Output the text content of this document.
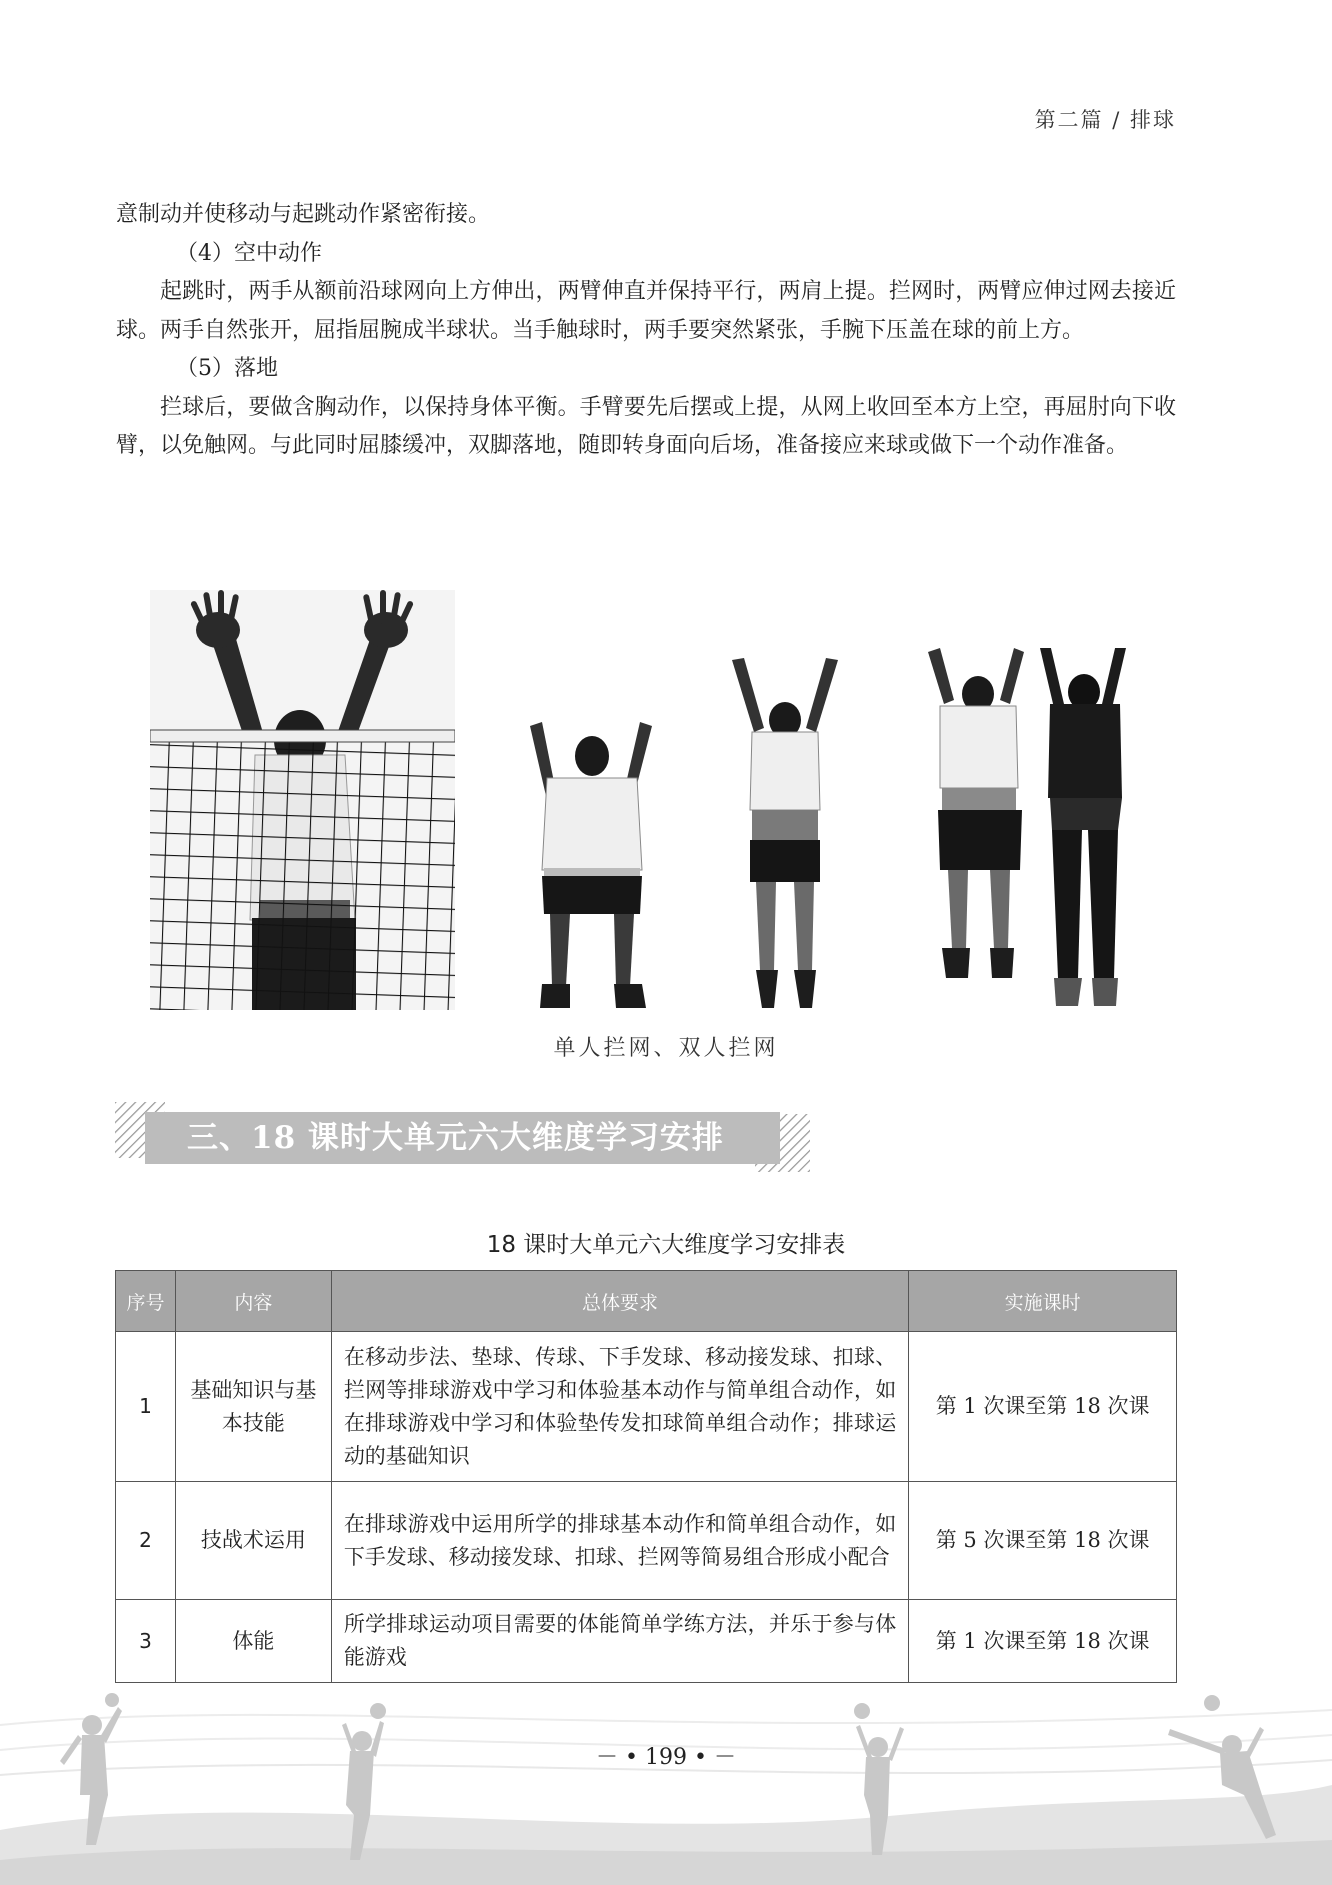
第二篇 / 排球

意制动并使移动与起跳动作紧密衔接。

（4）空中动作

起跳时，两手从额前沿球网向上方伸出，两臂伸直并保持平行，两肩上提。拦网时，两臂应伸过网去接近球。两手自然张开，屈指屈腕成半球状。当手触球时，两手要突然紧张，手腕下压盖在球的前上方。

（5）落地

拦球后，要做含胸动作，以保持身体平衡。手臂要先后摆或上提，从网上收回至本方上空，再屈肘向下收臂，以免触网。与此同时屈膝缓冲，双脚落地，随即转身面向后场，准备接应来球或做下一个动作准备。

单人拦网、双人拦网
三、18 课时大单元六大维度学习安排
18 课时大单元六大维度学习安排表
序号	内容	总体要求	实施课时
1	基础知识与基本技能	在移动步法、垫球、传球、下手发球、移动接发球、扣球、拦网等排球游戏中学习和体验基本动作与简单组合动作，如在排球游戏中学习和体验垫传发扣球简单组合动作；排球运动的基础知识	第 1 次课至第 18 次课
2	技战术运用	在排球游戏中运用所学的排球基本动作和简单组合动作，如下手发球、移动接发球、扣球、拦网等简易组合形成小配合	第 5 次课至第 18 次课
3	体能	所学排球运动项目需要的体能简单学练方法，并乐于参与体能游戏	第 1 次课至第 18 次课
－ • 199 • －
